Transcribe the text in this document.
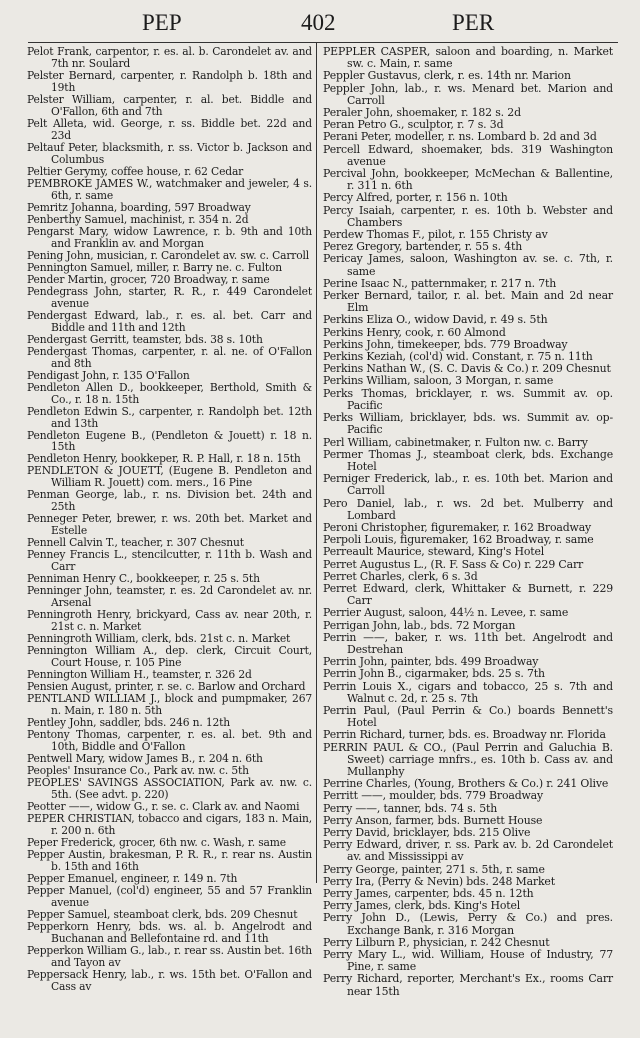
PEP	402	PER

Pelot Frank, carpentor, r. es. al. b. Carondelet av. and 7th nr. Soulard

Pelster Bernard, carpenter, r. Randolph b. 18th and 19th

Pelster William, carpenter, r. al. bet. Biddle and O'Fallon, 6th and 7th

Pelt Alleta, wid. George, r. ss. Biddle bet. 22d and 23d

Peltauf Peter, blacksmith, r. ss. Victor b. Jackson and Columbus

Peltier Gerymy, coffee house, r. 62 Cedar

PEMBROKE JAMES W., watchmaker and jeweler, 4 s. 6th, r. same

Pemritz Johanna, boarding, 597 Broadway

Penberthy Samuel, machinist, r. 354 n. 2d

Pengarst Mary, widow Lawrence, r. b. 9th and 10th and Franklin av. and Morgan

Pening John, musician, r. Carondelet av. sw. c. Carroll

Pennington Samuel, miller, r. Barry ne. c. Fulton

Pender Martin, grocer, 720 Broadway, r. same

Pendegrass John, starter, R. R., r. 449 Carondelet avenue

Pendergast Edward, lab., r. es. al. bet. Carr and Biddle and 11th and 12th

Pendergast Gerritt, teamster, bds. 38 s. 10th

Pendergast Thomas, carpenter, r. al. ne. of O'Fallon and 8th

Pendigast John, r. 135 O'Fallon

Pendleton Allen D., bookkeeper, Berthold, Smith & Co., r. 18 n. 15th

Pendleton Edwin S., carpenter, r. Randolph bet. 12th and 13th

Pendleton Eugene B., (Pendleton & Jouett) r. 18 n. 15th

Pendleton Henry, bookkeper, R. P. Hall, r. 18 n. 15th

PENDLETON & JOUETT, (Eugene B. Pendleton and William R. Jouett) com. mers., 16 Pine

Penman George, lab., r. ns. Division bet. 24th and 25th

Penneger Peter, brewer, r. ws. 20th bet. Market and Estelle

Pennell Calvin T., teacher, r. 307 Chesnut

Penney Francis L., stencilcutter, r. 11th b. Wash and Carr

Penniman Henry C., bookkeeper, r. 25 s. 5th

Penninger John, teamster, r. es. 2d Carondelet av. nr. Arsenal

Penningroth Henry, brickyard, Cass av. near 20th, r. 21st c. n. Market

Penningroth William, clerk, bds. 21st c. n. Market

Pennington William A., dep. clerk, Circuit Court, Court House, r. 105 Pine

Pennington William H., teamster, r. 326 2d

Pensien August, printer, r. se. c. Barlow and Orchard

PENTLAND WILLIAM J., block and pumpmaker, 267 n. Main, r. 180 n. 5th

Pentley John, saddler, bds. 246 n. 12th

Pentony Thomas, carpenter, r. es. al. bet. 9th and 10th, Biddle and O'Fallon

Pentwell Mary, widow James B., r. 204 n. 6th

Peoples' Insurance Co., Park av. nw. c. 5th

PEOPLES' SAVINGS ASSOCIATION, Park av. nw. c. 5th. (See advt. p. 220)

Peotter ——, widow G., r. se. c. Clark av. and Naomi

PEPER CHRISTIAN, tobacco and cigars, 183 n. Main, r. 200 n. 6th

Peper Frederick, grocer, 6th nw. c. Wash, r. same

Pepper Austin, brakesman, P. R. R., r. rear ns. Austin b. 15th and 16th

Pepper Emanuel, engineer, r. 149 n. 7th

Pepper Manuel, (col'd) engineer, 55 and 57 Franklin avenue

Pepper Samuel, steamboat clerk, bds. 209 Chesnut

Pepperkorn Henry, bds. ws. al. b. Angelrodt and Buchanan and Bellefontaine rd. and 11th

Pepperkon William G., lab., r. rear ss. Austin bet. 16th and Tayon av

Peppersack Henry, lab., r. ws. 15th bet. O'Fallon and Cass av

PEPPLER CASPER, saloon and boarding, n. Market sw. c. Main, r. same

Peppler Gustavus, clerk, r. es. 14th nr. Marion

Peppler John, lab., r. ws. Menard bet. Marion and Carroll

Peraler John, shoemaker, r. 182 s. 2d

Peran Petro G., sculptor, r. 7 s. 3d

Perani Peter, modeller, r. ns. Lombard b. 2d and 3d

Percell Edward, shoemaker, bds. 319 Washington avenue

Percival John, bookkeeper, McMechan & Ballentine, r. 311 n. 6th

Percy Alfred, porter, r. 156 n. 10th

Percy Isaiah, carpenter, r. es. 10th b. Webster and Chambers

Perdew Thomas F., pilot, r. 155 Christy av

Perez Gregory, bartender, r. 55 s. 4th

Pericay James, saloon, Washington av. se. c. 7th, r. same

Perine Isaac N., patternmaker, r. 217 n. 7th

Perker Bernard, tailor, r. al. bet. Main and 2d near Elm

Perkins Eliza O., widow David, r. 49 s. 5th

Perkins Henry, cook, r. 60 Almond

Perkins John, timekeeper, bds. 779 Broadway

Perkins Keziah, (col'd) wid. Constant, r. 75 n. 11th

Perkins Nathan W., (S. C. Davis & Co.) r. 209 Chesnut

Perkins William, saloon, 3 Morgan, r. same

Perks Thomas, bricklayer, r. ws. Summit av. op. Pacific

Perks William, bricklayer, bds. ws. Summit av. op-Pacific

Perl William, cabinetmaker, r. Fulton nw. c. Barry

Permer Thomas J., steamboat clerk, bds. Exchange Hotel

Perniger Frederick, lab., r. es. 10th bet. Marion and Carroll

Pero Daniel, lab., r. ws. 2d bet. Mulberry and Lombard

Peroni Christopher, figuremaker, r. 162 Broadway

Perpoli Louis, figuremaker, 162 Broadway, r. same

Perreault Maurice, steward, King's Hotel

Perret Augustus L., (R. F. Sass & Co) r. 229 Carr

Perret Charles, clerk, 6 s. 3d

Perret Edward, clerk, Whittaker & Burnett, r. 229 Carr

Perrier August, saloon, 44½ n. Levee, r. same

Perrigan John, lab., bds. 72 Morgan

Perrin ——, baker, r. ws. 11th bet. Angelrodt and Destrehan

Perrin John, painter, bds. 499 Broadway

Perrin John B., cigarmaker, bds. 25 s. 7th

Perrin Louis X., cigars and tobacco, 25 s. 7th and Walnut c. 2d, r. 25 s. 7th

Perrin Paul, (Paul Perrin & Co.) boards Bennett's Hotel

Perrin Richard, turner, bds. es. Broadway nr. Florida

PERRIN PAUL & CO., (Paul Perrin and Galuchia B. Sweet) carriage mnfrs., es. 10th b. Cass av. and Mullanphy

Perrine Charles, (Young, Brothers & Co.) r. 241 Olive

Perritt ——, moulder, bds. 779 Broadway

Perry ——, tanner, bds. 74 s. 5th

Perry Anson, farmer, bds. Burnett House

Perry David, bricklayer, bds. 215 Olive

Perry Edward, driver, r. ss. Park av. b. 2d Carondelet av. and Mississippi av

Perry George, painter, 271 s. 5th, r. same

Perry Ira, (Perry & Nevin) bds. 248 Market

Perry James, carpenter, bds. 45 n. 12th

Perry James, clerk, bds. King's Hotel

Perry John D., (Lewis, Perry & Co.) and pres. Exchange Bank, r. 316 Morgan

Perry Lilburn P., physician, r. 242 Chesnut

Perry Mary L., wid. William, House of Industry, 77 Pine, r. same

Perry Richard, reporter, Merchant's Ex., rooms Carr near 15th
